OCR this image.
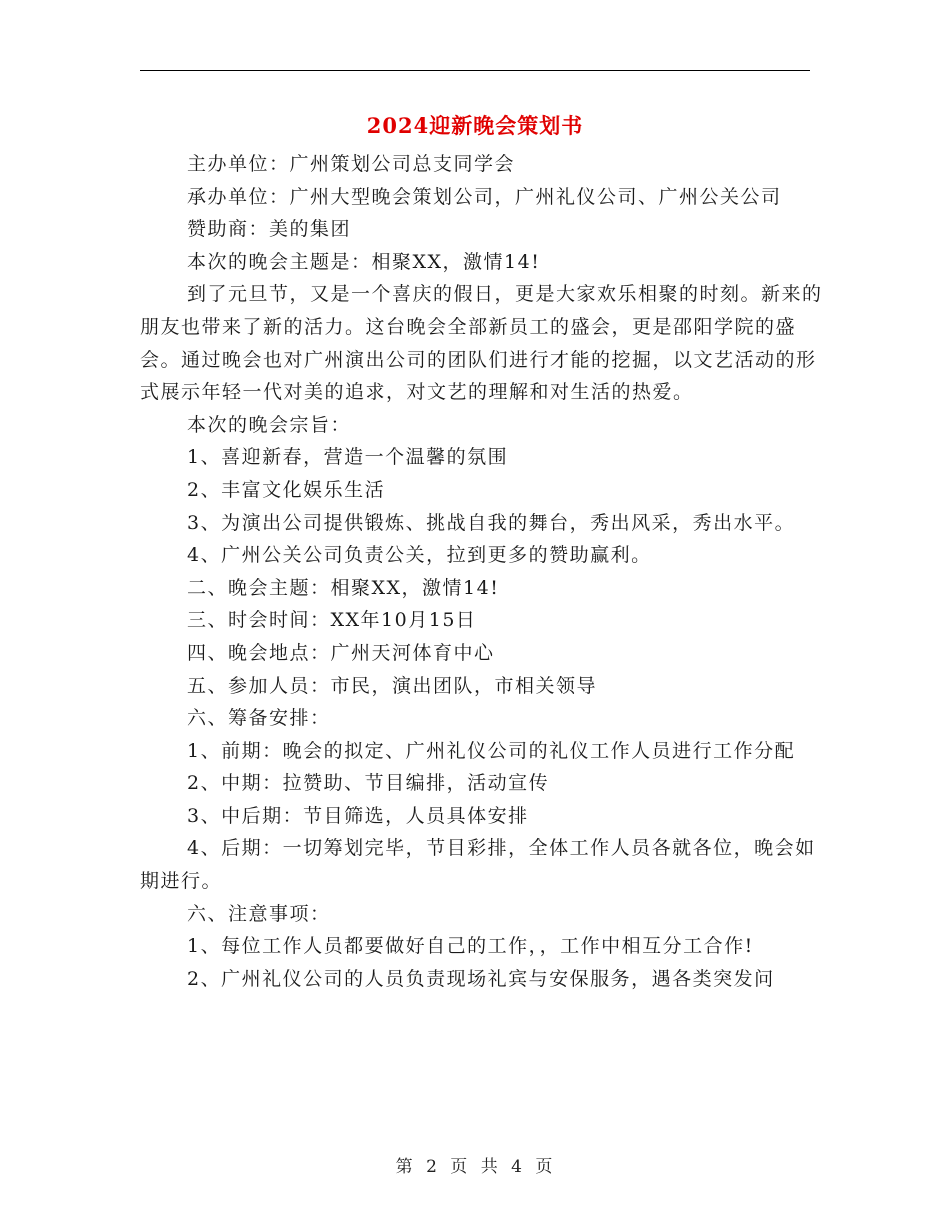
2024迎新晚会策划书

主办单位：广州策划公司总支同学会

承办单位：广州大型晚会策划公司，广州礼仪公司、广州公关公司

赞助商：美的集团

本次的晚会主题是：相聚XX，激情14!

到了元旦节，又是一个喜庆的假日，更是大家欢乐相聚的时刻。新来的朋友也带来了新的活力。这台晚会全部新员工的盛会，更是邵阳学院的盛会。通过晚会也对广州演出公司的团队们进行才能的挖掘，以文艺活动的形式展示年轻一代对美的追求，对文艺的理解和对生活的热爱。

本次的晚会宗旨：

1、喜迎新春，营造一个温馨的氛围

2、丰富文化娱乐生活

3、为演出公司提供锻炼、挑战自我的舞台，秀出风采，秀出水平。

4、广州公关公司负责公关，拉到更多的赞助赢利。

二、晚会主题：相聚XX，激情14!

三、时会时间：XX年10月15日

四、晚会地点：广州天河体育中心

五、参加人员：市民，演出团队，市相关领导

六、筹备安排：

1、前期：晚会的拟定、广州礼仪公司的礼仪工作人员进行工作分配

2、中期：拉赞助、节目编排，活动宣传

3、中后期：节目筛选，人员具体安排

4、后期：一切筹划完毕，节目彩排，全体工作人员各就各位，晚会如期进行。

六、注意事项：

1、每位工作人员都要做好自己的工作，，工作中相互分工合作!

2、广州礼仪公司的人员负责现场礼宾与安保服务，遇各类突发问

第 2 页 共 4 页
